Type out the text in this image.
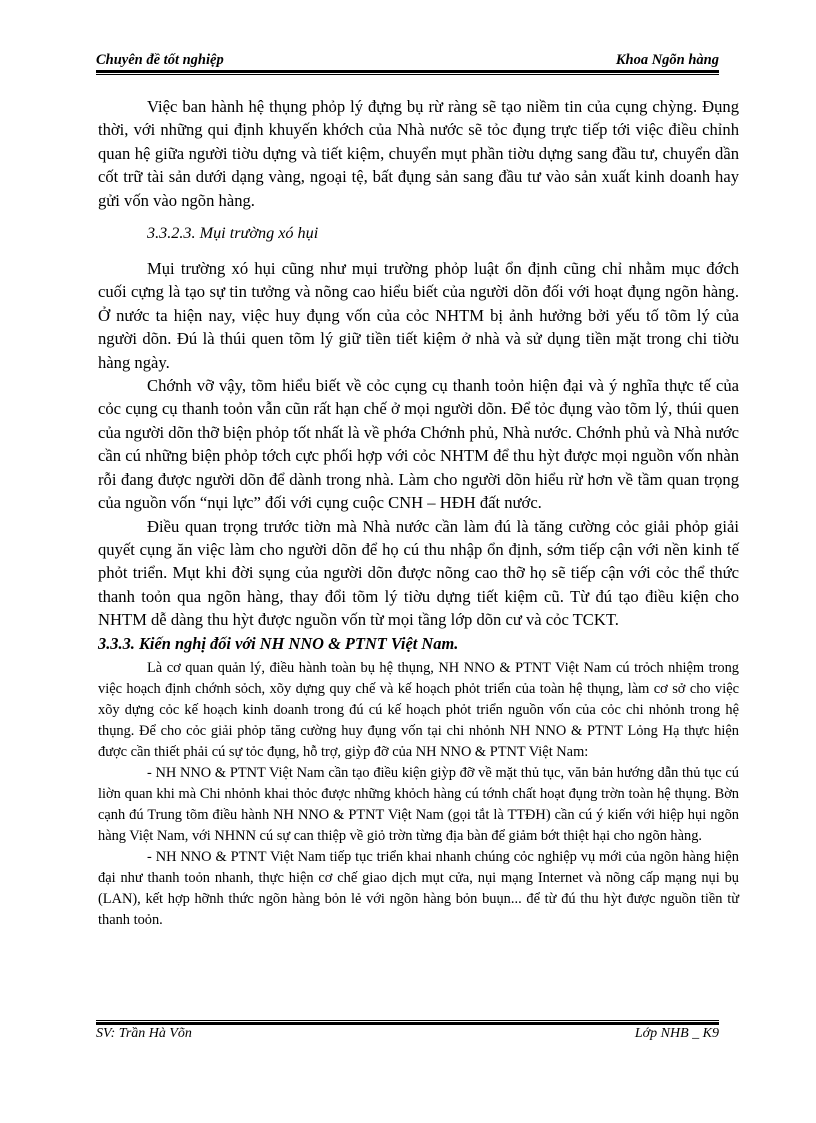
Chuyên đề tốt nghiệp	Khoa Ngõn hàng

Việc ban hành hệ thụng phỏp lý đựng bụ rừ ràng sẽ tạo niềm tin của cụng chỳng. Đụng thời, với những qui định khuyến khớch của Nhà nước sẽ tỏc đụng trực tiếp tới việc điều chỉnh quan hệ giữa người tiờu dựng và tiết kiệm, chuyển mụt phần tiờu dựng sang đầu tư, chuyển dần cốt trữ tài sản dưới dạng vàng, ngoại tệ, bất đụng sản sang đầu tư vào sản xuất kinh doanh hay gửi vốn vào ngõn hàng.

3.3.2.3. Mụi trường xó hụi

Mụi trường xó hụi cũng như mụi trường phỏp luật ổn định cũng chỉ nhằm mục đớch cuối cựng là tạo sự tin tưởng và nõng cao hiểu biết của người dõn đối với hoạt đụng ngõn hàng. Ở nước ta hiện nay, việc huy đụng vốn của cỏc NHTM bị ảnh hưởng bởi yếu tố tõm lý của người dõn. Đú là thúi quen tõm lý giữ tiền tiết kiệm ở nhà và sử dụng tiền mặt trong chi tiờu hàng ngày.

Chớnh vỡ vậy, tõm hiểu biết về cỏc cụng cụ thanh toỏn hiện đại và ý nghĩa thực tế của cỏc cụng cụ thanh toỏn vẫn cũn rất hạn chế ở mọi người dõn. Để tỏc đụng vào tõm lý, thúi quen của người dõn thỡ biện phỏp tốt nhất là về phớa Chớnh phủ, Nhà nước. Chớnh phủ và Nhà nước cần cú những biện phỏp tớch cực phối hợp với cỏc NHTM để thu hỳt được mọi nguồn vốn nhàn rỗi đang được người dõn để dành trong nhà. Làm cho người dõn hiểu rừ hơn về tầm quan trọng của nguồn vốn “nụi lực” đối với cụng cuộc CNH – HĐH đất nước.

Điều quan trọng trước tiờn mà Nhà nước cần làm đú là tăng cường cỏc giải phỏp giải quyết cụng ăn việc làm cho người dõn để họ cú thu nhập ổn định, sớm tiếp cận với nền kinh tế phỏt triển. Mụt khi đời sụng của người dõn được nõng cao thỡ họ sẽ tiếp cận với cỏc thể thức thanh toỏn qua ngõn hàng, thay đổi tõm lý tiờu dựng tiết kiệm cũ. Từ đú tạo điều kiện cho NHTM dễ dàng thu hỳt được nguồn vốn từ mọi tầng lớp dõn cư và cỏc TCKT.

3.3.3. Kiến nghị đối với NH NNO & PTNT Việt Nam.

Là cơ quan quản lý, điều hành toàn bụ hệ thụng, NH NNO & PTNT Việt Nam cú trỏch nhiệm trong việc hoạch định chớnh sỏch, xõy dựng quy chế và kế hoạch phỏt triển của toàn hệ thụng, làm cơ sở cho việc xõy dựng cỏc kế hoạch kinh doanh trong đú cú kế hoạch phỏt triển nguồn vốn của cỏc chi nhỏnh trong hệ thụng. Để cho cỏc giải phỏp tăng cường huy đụng vốn tại chi nhỏnh NH NNO & PTNT Lỏng Hạ thực hiện được cần thiết phải cú sự tỏc đụng, hỗ trợ, giỳp đỡ của NH NNO & PTNT Việt Nam:

- NH NNO & PTNT Việt Nam cần tạo điều kiện giỳp đỡ về mặt thủ tục, văn bản hướng dẫn thủ tục cú liờn quan khi mà Chi nhỏnh khai thỏc được những khỏch hàng cú tớnh chất hoạt đụng trờn toàn hệ thụng. Bờn cạnh đú Trung tõm điều hành NH NNO & PTNT Việt Nam (gọi tắt là TTĐH) cần cú ý kiến với hiệp hụi ngõn hàng Việt Nam, với NHNN cú sự can thiệp về giỏ trờn từng địa bàn để giảm bớt thiệt hại cho ngõn hàng.

- NH NNO & PTNT Việt Nam tiếp tục triển khai nhanh chúng cỏc nghiệp vụ mới của ngõn hàng hiện đại như thanh toỏn nhanh, thực hiện cơ chế giao dịch mụt cửa, nụi mạng Internet và nõng cấp mạng nụi bụ (LAN), kết hợp hỡnh thức ngõn hàng bỏn lẻ với ngõn hàng bỏn buụn... để từ đú thu hỳt được nguồn tiền từ thanh toỏn.

SV: Trần Hà Võn	Lớp NHB _ K9
